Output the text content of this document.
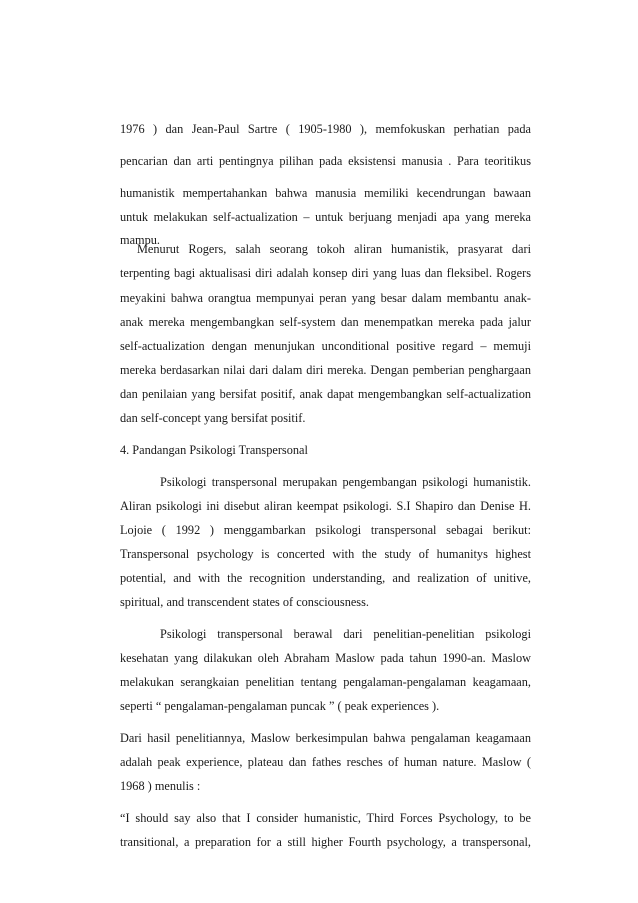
1976 ) dan Jean-Paul Sartre ( 1905-1980 ), memfokuskan perhatian pada
pencarian dan arti pentingnya pilihan pada eksistensi manusia . Para teoritikus
humanistik mempertahankan bahwa manusia memiliki kecendrungan bawaan
untuk melakukan self-actualization – untuk berjuang menjadi apa yang mereka
mampu.
Menurut Rogers, salah seorang tokoh aliran humanistik, prasyarat dari
terpenting bagi aktualisasi diri adalah konsep diri yang luas dan fleksibel. Rogers
meyakini bahwa orangtua mempunyai peran yang besar dalam membantu anak-
anak mereka mengembangkan self-system dan menempatkan mereka pada jalur
self-actualization dengan menunjukan unconditional positive regard – memuji
mereka berdasarkan nilai dari dalam diri mereka. Dengan pemberian penghargaan
dan penilaian yang bersifat positif, anak dapat mengembangkan self-actualization
dan self-concept yang bersifat positif.
4. Pandangan Psikologi Transpersonal
Psikologi transpersonal merupakan pengembangan psikologi humanistik.
Aliran psikologi ini disebut aliran keempat psikologi. S.I Shapiro dan Denise H.
Lojoie ( 1992 ) menggambarkan psikologi transpersonal sebagai berikut:
Transpersonal psychology is concerted with the study of humanitys highest
potential, and with the recognition understanding, and realization of unitive,
spiritual, and transcendent states of consciousness.
Psikologi transpersonal berawal dari penelitian-penelitian psikologi
kesehatan yang dilakukan oleh Abraham Maslow pada tahun 1990-an. Maslow
melakukan serangkaian penelitian tentang pengalaman-pengalaman keagamaan,
seperti “ pengalaman-pengalaman puncak ” ( peak experiences ).
Dari hasil penelitiannya, Maslow berkesimpulan bahwa pengalaman keagamaan
adalah peak experience, plateau dan fathes resches of human nature. Maslow (
1968 ) menulis :
“I should say also that I consider humanistic, Third Forces Psychology, to be
transitional, a preparation for a still higher Fourth psychology, a transpersonal,
